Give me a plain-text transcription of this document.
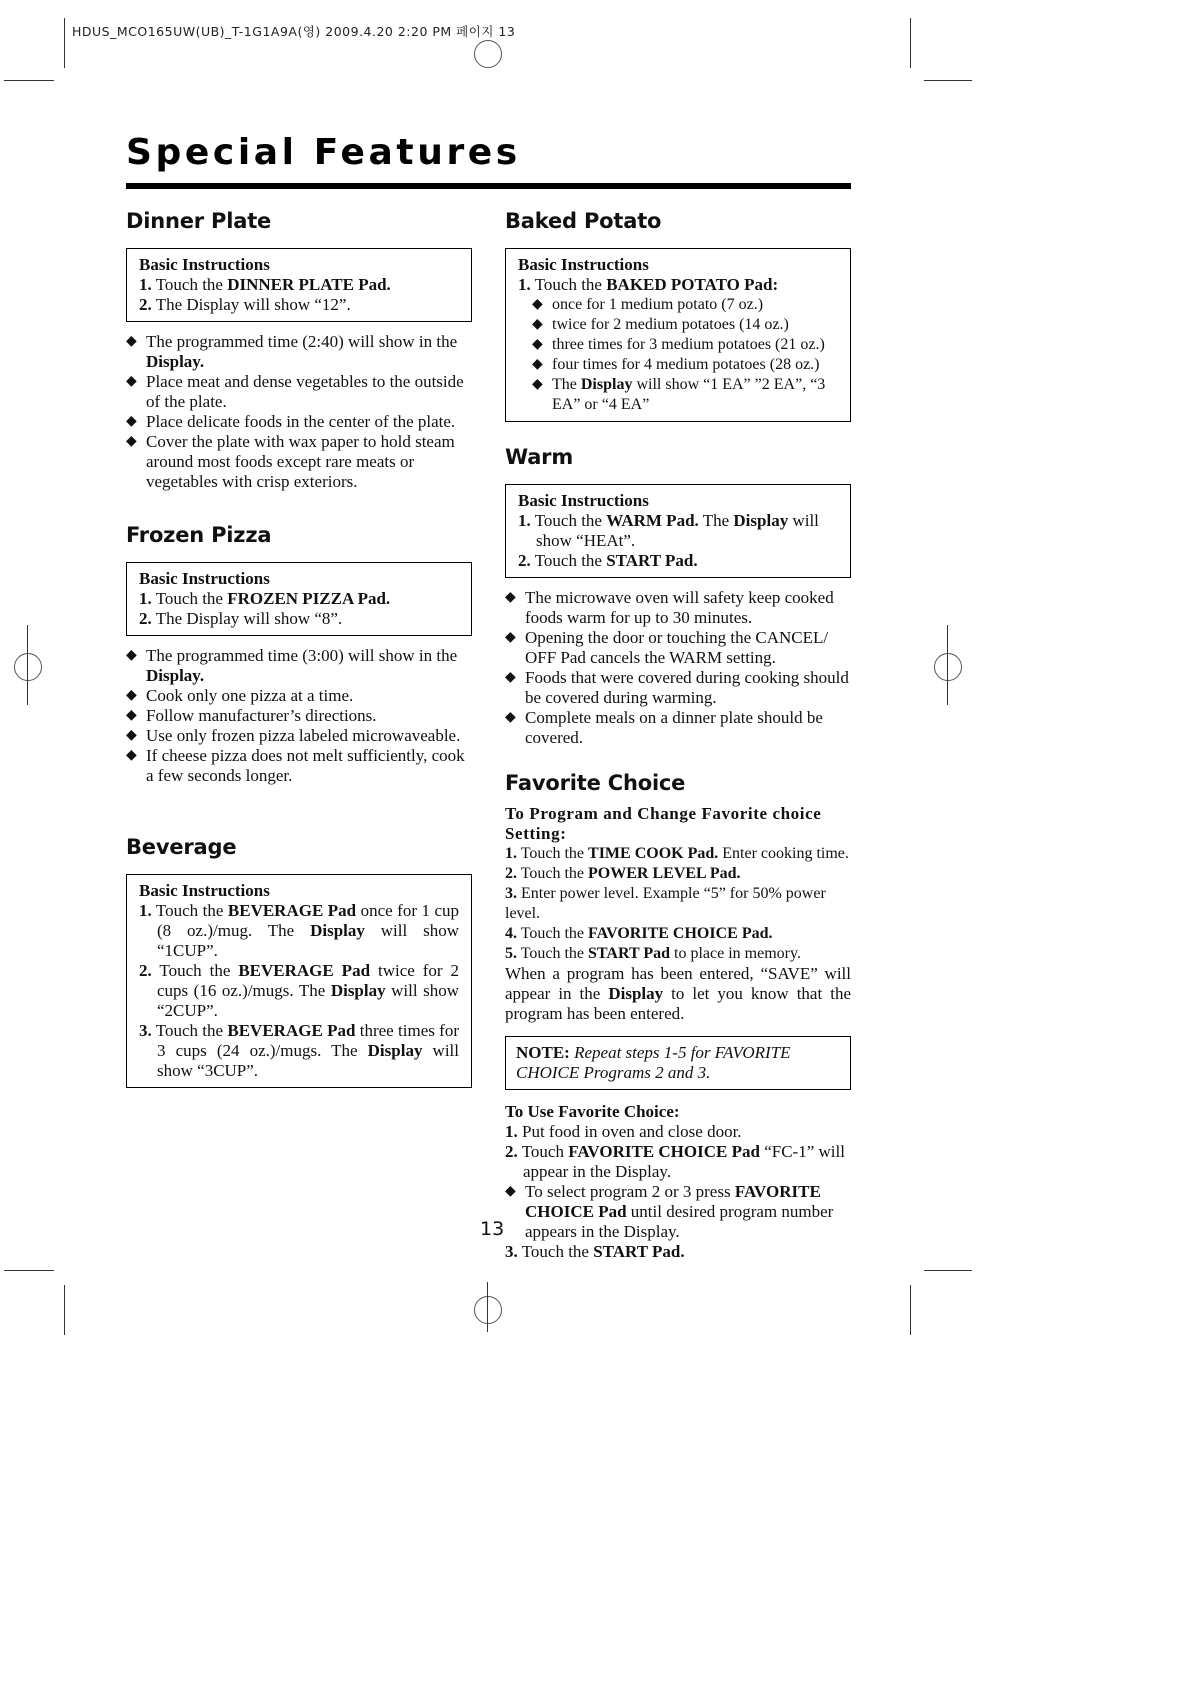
HDUS_MCO165UW(UB)_T-1G1A9A(영) 2009.4.20 2:20 PM 페이지 13
Special Features
Dinner Plate
Basic Instructions
1. Touch the DINNER PLATE Pad.
2. The Display will show “12”.
◆ The programmed time (2:40) will show in the Display.
◆ Place meat and dense vegetables to the outside of the plate.
◆ Place delicate foods in the center of the plate.
◆ Cover the plate with wax paper to hold steam around most foods except rare meats or vegetables with crisp exteriors.
Frozen Pizza
Basic Instructions
1. Touch the FROZEN PIZZA Pad.
2. The Display will show “8”.
◆ The programmed time (3:00) will show in the Display.
◆ Cook only one pizza at a time.
◆ Follow manufacturer’s directions.
◆ Use only frozen pizza labeled microwaveable.
◆ If cheese pizza does not melt sufficiently, cook a few seconds longer.
Beverage
Basic Instructions
1. Touch the BEVERAGE Pad once for 1 cup (8 oz.)/mug. The Display will show “1CUP”.
2. Touch the BEVERAGE Pad twice for 2 cups (16 oz.)/mugs. The Display will show “2CUP”.
3. Touch the BEVERAGE Pad three times for 3 cups (24 oz.)/mugs. The Display will show “3CUP”.
Baked Potato
Basic Instructions
1. Touch the BAKED POTATO Pad:
◆ once for 1 medium potato (7 oz.)
◆ twice for 2 medium potatoes (14 oz.)
◆ three times for 3 medium potatoes (21 oz.)
◆ four times for 4 medium potatoes (28 oz.)
◆ The Display will show “1 EA” ”2 EA”, “3 EA” or “4 EA”
Warm
Basic Instructions
1. Touch the WARM Pad. The Display will show “HEAt”.
2. Touch the START Pad.
◆ The microwave oven will safety keep cooked foods warm for up to 30 minutes.
◆ Opening the door or touching the CANCEL/ OFF Pad cancels the WARM setting.
◆ Foods that were covered during cooking should be covered during warming.
◆ Complete meals on a dinner plate should be covered.
Favorite Choice
To Program and Change Favorite choice Setting:
1. Touch the TIME COOK Pad. Enter cooking time.
2. Touch the POWER LEVEL Pad.
3. Enter power level. Example “5” for 50% power level.
4. Touch the FAVORITE CHOICE Pad.
5. Touch the START Pad to place in memory.
When a program has been entered, “SAVE” will appear in the Display to let you know that the program has been entered.
NOTE: Repeat steps 1-5 for FAVORITE CHOICE Programs 2 and 3.
To Use Favorite Choice:
1. Put food in oven and close door.
2. Touch FAVORITE CHOICE Pad “FC-1” will appear in the Display.
◆ To select program 2 or 3 press FAVORITE CHOICE Pad until desired program number appears in the Display.
3. Touch the START Pad.
13
